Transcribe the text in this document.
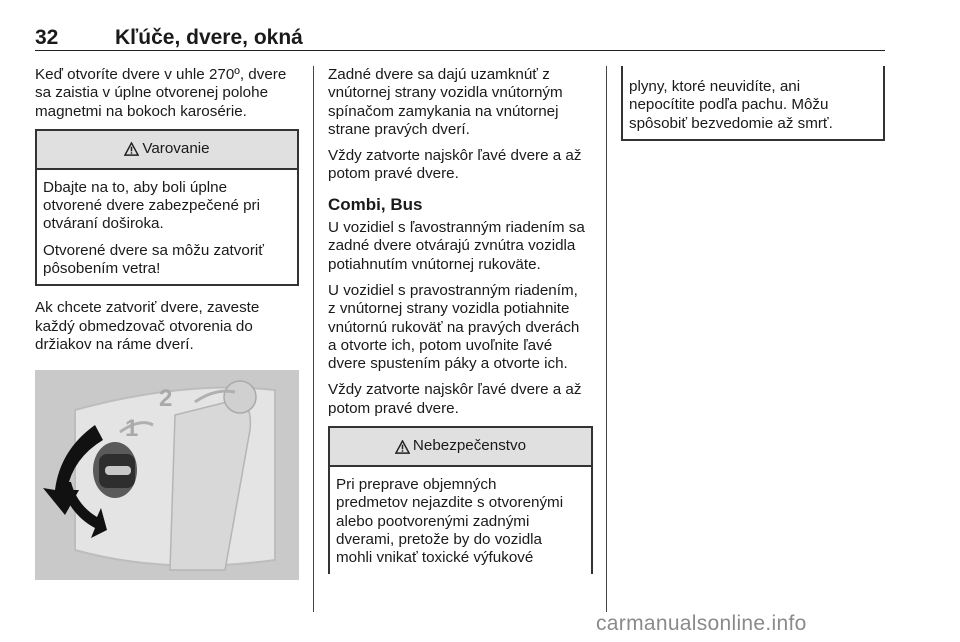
32	Kľúče, dvere, okná

Keď otvoríte dvere v uhle 270º, dvere
sa zaistia v úplne otvorenej polohe
magnetmi na bokoch karosérie.

Varovanie

Dbajte na to, aby boli úplne
otvorené dvere zabezpečené pri
otváraní doširoka.

Otvorené dvere sa môžu zatvoriť
pôsobením vetra!

Ak chcete zatvoriť dvere, zaveste
každý obmedzovač otvorenia do
držiakov na ráme dverí.

2
1

Zadné dvere sa dajú uzamknúť z
vnútornej strany vozidla vnútorným
spínačom zamykania na vnútornej
strane pravých dverí.

Vždy zatvorte najskôr ľavé dvere a až
potom pravé dvere.

Combi, Bus

U vozidiel s ľavostranným riadením sa
zadné dvere otvárajú zvnútra vozidla
potiahnutím vnútornej rukoväte.

U vozidiel s pravostranným riadením,
z vnútornej strany vozidla potiahnite
vnútornú rukoväť na pravých dverách
a otvorte ich, potom uvoľnite ľavé
dvere spustením páky a otvorte ich.

Vždy zatvorte najskôr ľavé dvere a až
potom pravé dvere.

Nebezpečenstvo

Pri preprave objemných
predmetov nejazdite s otvorenými
alebo pootvorenými zadnými
dverami, pretože by do vozidla
mohli vnikať toxické výfukové

plyny, ktoré neuvidíte, ani
nepocítite podľa pachu. Môžu
spôsobiť bezvedomie až smrť.

carmanualsonline.info
